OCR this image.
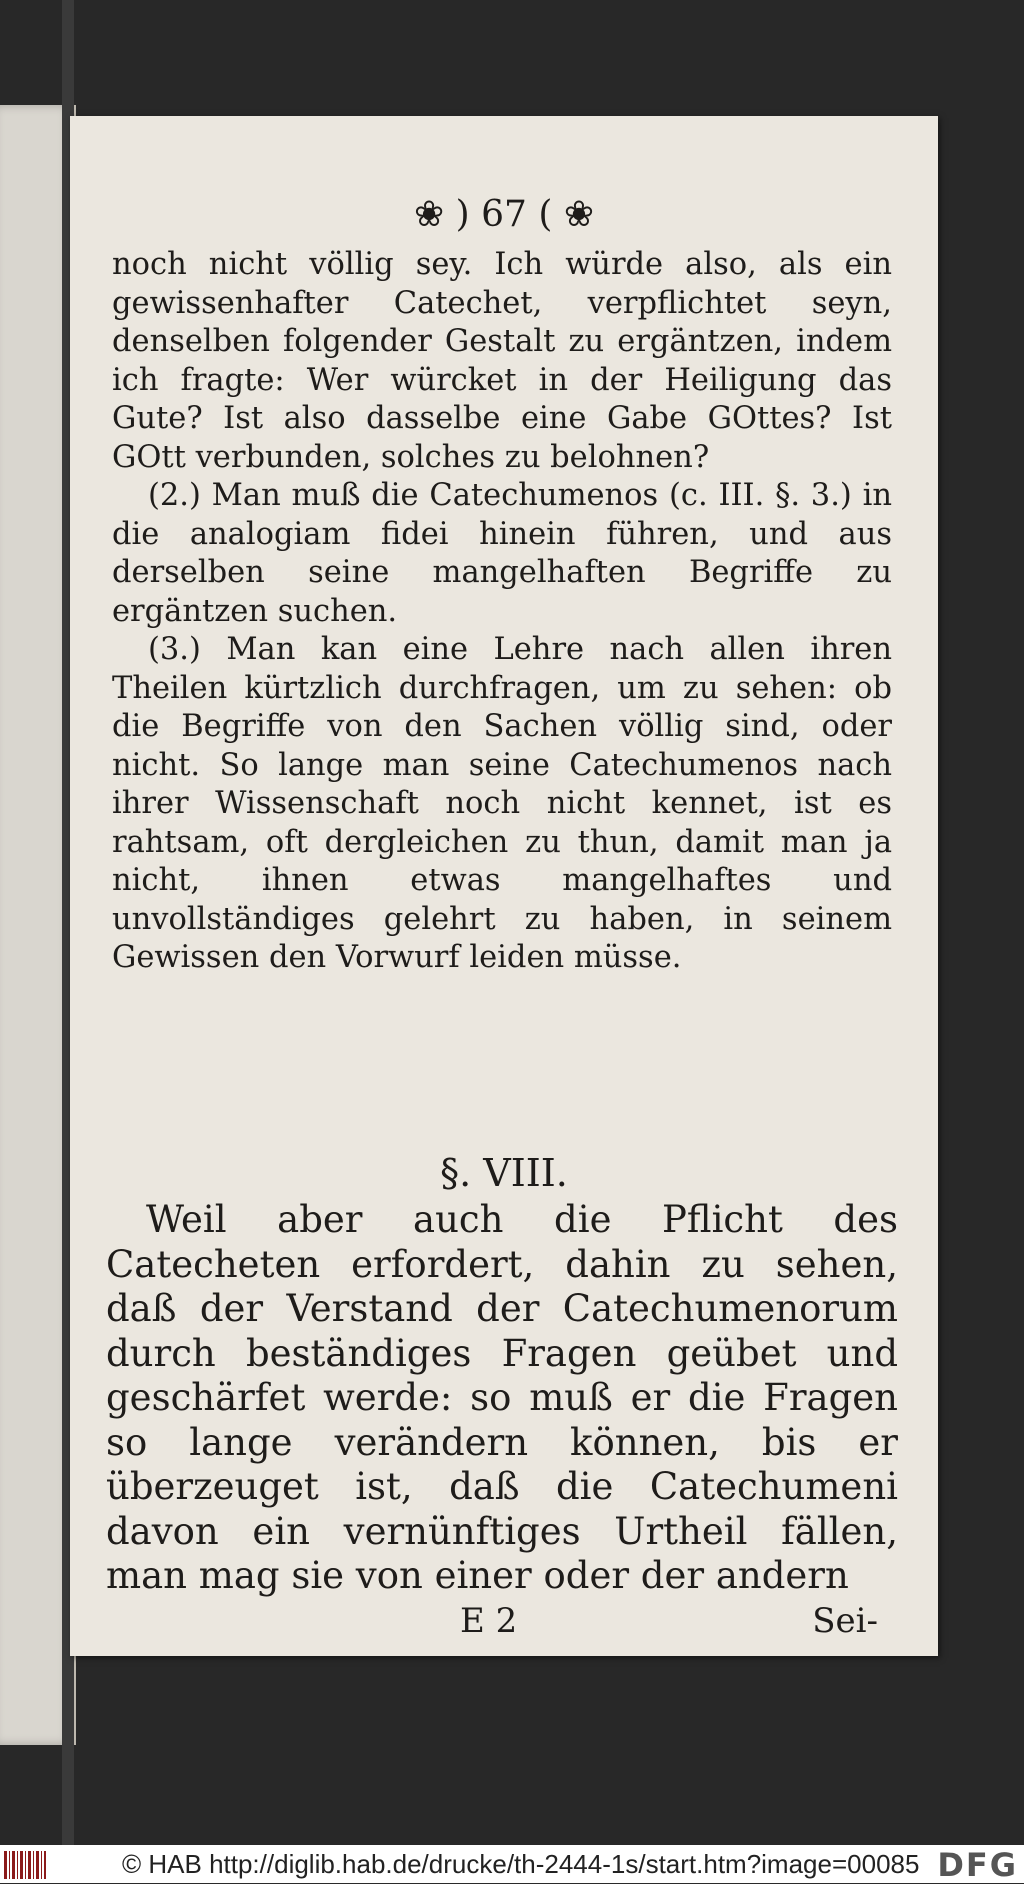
❀ ) 67 ( ❀

noch nicht völlig sey. Ich würde also, als ein gewissenhafter Catechet, verpflichtet seyn, denselben folgender Gestalt zu ergäntzen, indem ich fragte: Wer würcket in der Heiligung das Gute? Ist also dasselbe eine Gabe GOttes? Ist GOtt verbunden, solches zu belohnen?

(2.) Man muß die Catechumenos (c. III. §. 3.) in die analogiam fidei hinein führen, und aus derselben seine mangelhaften Begriffe zu ergäntzen suchen.

(3.) Man kan eine Lehre nach allen ihren Theilen kürtzlich durchfragen, um zu sehen: ob die Begriffe von den Sachen völlig sind, oder nicht. So lange man seine Catechumenos nach ihrer Wissenschaft noch nicht kennet, ist es rahtsam, oft dergleichen zu thun, damit man ja nicht, ihnen etwas mangelhaftes und unvollständiges gelehrt zu haben, in seinem Gewissen den Vorwurf leiden müsse.

§. VIII.

Weil aber auch die Pflicht des Catecheten erfordert, dahin zu sehen, daß der Verstand der Catechumenorum durch beständiges Fragen geübet und geschärfet werde: so muß er die Fragen so lange verändern können, bis er überzeuget ist, daß die Catechumeni davon ein vernünftiges Urtheil fällen, man mag sie von einer oder der andern

E 2	Sei-
© HAB http://diglib.hab.de/drucke/th-2444-1s/start.htm?image=00085 DFG
